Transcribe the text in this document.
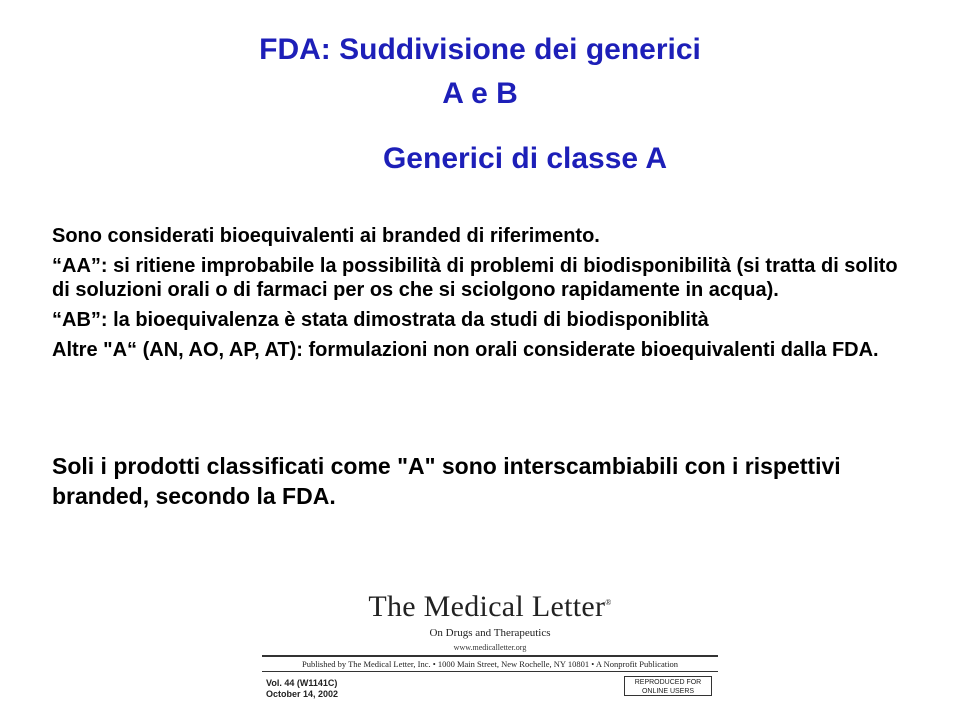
FDA: Suddivisione dei generici
A e B
Generici di classe A

Sono considerati bioequivalenti ai branded di riferimento.

“AA”: si ritiene improbabile la possibilità di problemi di biodisponibilità (si tratta di solito di soluzioni orali o di farmaci per os che si sciolgono rapidamente in acqua).

“AB”: la bioequivalenza è stata dimostrata da studi di biodisponiblità

Altre "A“ (AN, AO, AP, AT): formulazioni non orali considerate bioequivalenti dalla FDA.

Soli i prodotti classificati come "A" sono interscambiabili con i rispettivi branded, secondo la FDA.
The Medical Letter®
On Drugs and Therapeutics
www.medicalletter.org
Published by The Medical Letter, Inc. • 1000 Main Street, New Rochelle, NY 10801 • A Nonprofit Publication
Vol. 44 (W1141C)
October 14, 2002
REPRODUCED FOR
ONLINE USERS
